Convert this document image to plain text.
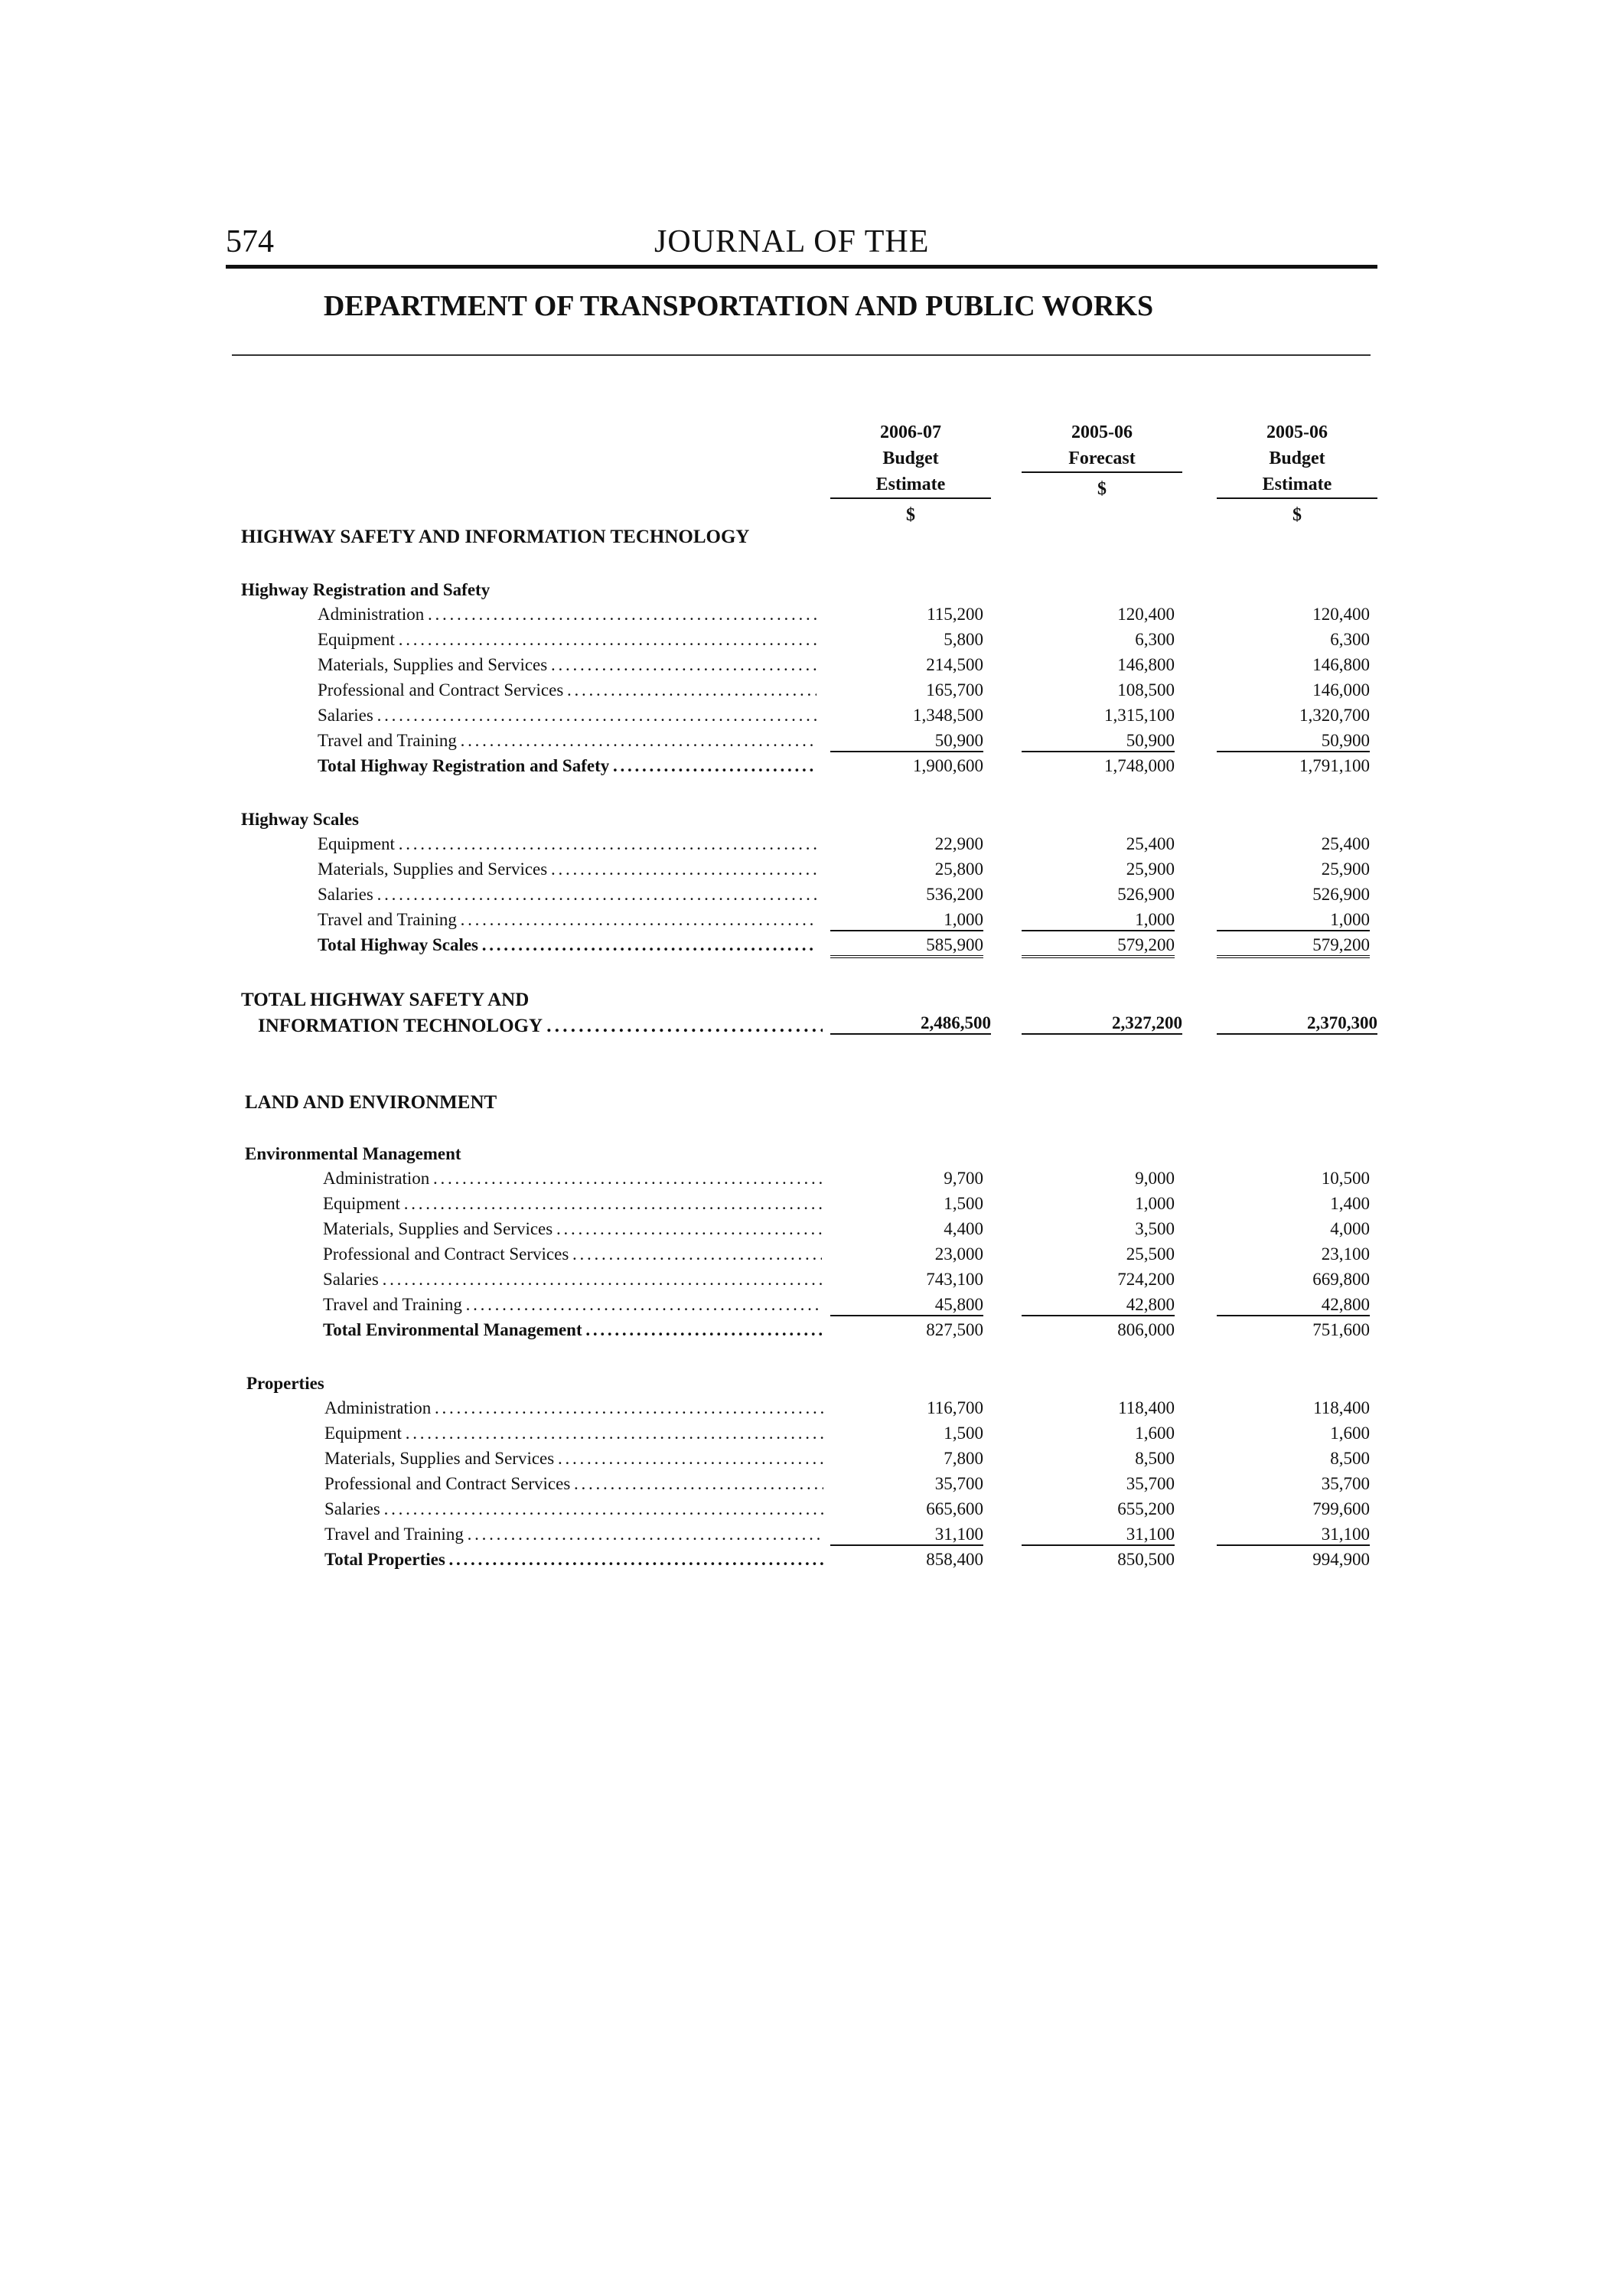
574	JOURNAL OF THE
DEPARTMENT OF TRANSPORTATION AND PUBLIC WORKS
2006-07
Budget
Estimate
$
2005-06
Forecast
$
2005-06
Budget
Estimate
$
HIGHWAY SAFETY AND INFORMATION TECHNOLOGY
Highway Registration and Safety
Administration . . .	115,200	120,400	120,400
Equipment . . .	5,800	6,300	6,300
Materials, Supplies and Services . . .	214,500	146,800	146,800
Professional and Contract Services . . .	165,700	108,500	146,000
Salaries . . .	1,348,500	1,315,100	1,320,700
Travel and Training . . .	50,900	50,900	50,900
Total Highway Registration and Safety . . .	1,900,600	1,748,000	1,791,100
Highway Scales
Equipment . . .	22,900	25,400	25,400
Materials, Supplies and Services . . .	25,800	25,900	25,900
Salaries . . .	536,200	526,900	526,900
Travel and Training . . .	1,000	1,000	1,000
Total Highway Scales . . .	585,900	579,200	579,200
TOTAL HIGHWAY SAFETY AND
INFORMATION TECHNOLOGY . . .	2,486,500	2,327,200	2,370,300
LAND AND ENVIRONMENT
Environmental Management
Administration . . .	9,700	9,000	10,500
Equipment . . .	1,500	1,000	1,400
Materials, Supplies and Services . . .	4,400	3,500	4,000
Professional and Contract Services . . .	23,000	25,500	23,100
Salaries . . .	743,100	724,200	669,800
Travel and Training . . .	45,800	42,800	42,800
Total Environmental Management . . .	827,500	806,000	751,600
Properties
Administration . . .	116,700	118,400	118,400
Equipment . . .	1,500	1,600	1,600
Materials, Supplies and Services . . .	7,800	8,500	8,500
Professional and Contract Services . . .	35,700	35,700	35,700
Salaries . . .	665,600	655,200	799,600
Travel and Training . . .	31,100	31,100	31,100
Total Properties . . .	858,400	850,500	994,900
